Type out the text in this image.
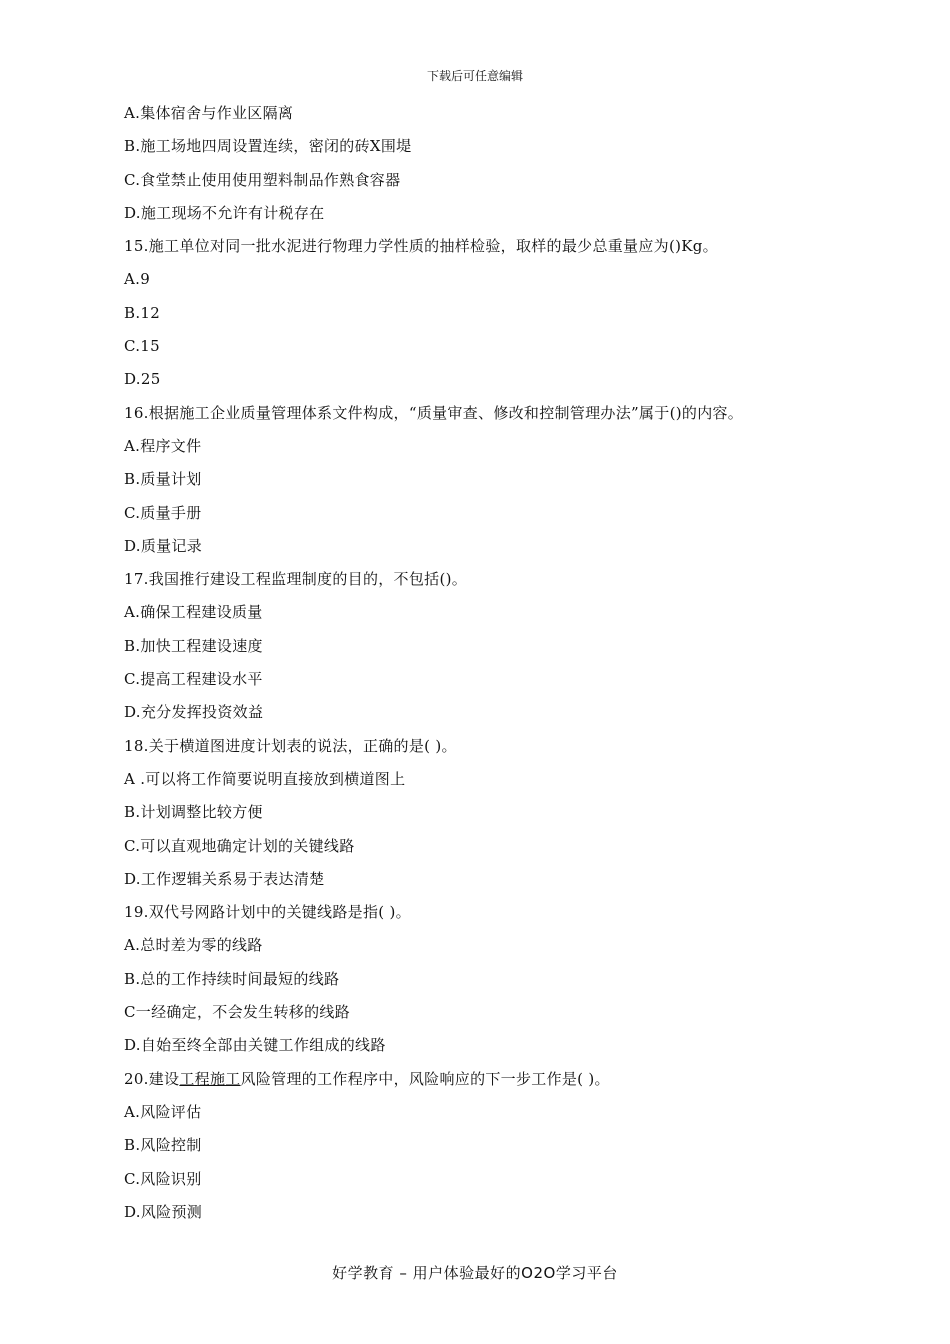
下载后可任意编辑
A.集体宿舍与作业区隔离
B.施工场地四周设置连续，密闭的砖X围堤
C.食堂禁止使用使用塑料制品作熟食容器
D.施工现场不允许有计税存在
15.施工单位对同一批水泥进行物理力学性质的抽样检验，取样的最少总重量应为()Kg。
A.9
B.12
C.15
D.25
16.根据施工企业质量管理体系文件构成，“质量审查、修改和控制管理办法”属于()的内容。
A.程序文件
B.质量计划
C.质量手册
D.质量记录
17.我国推行建设工程监理制度的目的，不包括()。
A.确保工程建设质量
B.加快工程建设速度
C.提高工程建设水平
D.充分发挥投资效益
18.关于横道图进度计划表的说法，正确的是( )。
A .可以将工作简要说明直接放到横道图上
B.计划调整比较方便
C.可以直观地确定计划的关键线路
D.工作逻辑关系易于表达清楚
19.双代号网路计划中的关键线路是指( )。
A.总时差为零的线路
B.总的工作持续时间最短的线路
C一经确定，不会发生转移的线路
D.自始至终全部由关键工作组成的线路
20.建设工程施工风险管理的工作程序中，风险响应的下一步工作是( )。
A.风险评估
B.风险控制
C.风险识别
D.风险预测
好学教育 – 用户体验最好的O2O学习平台
